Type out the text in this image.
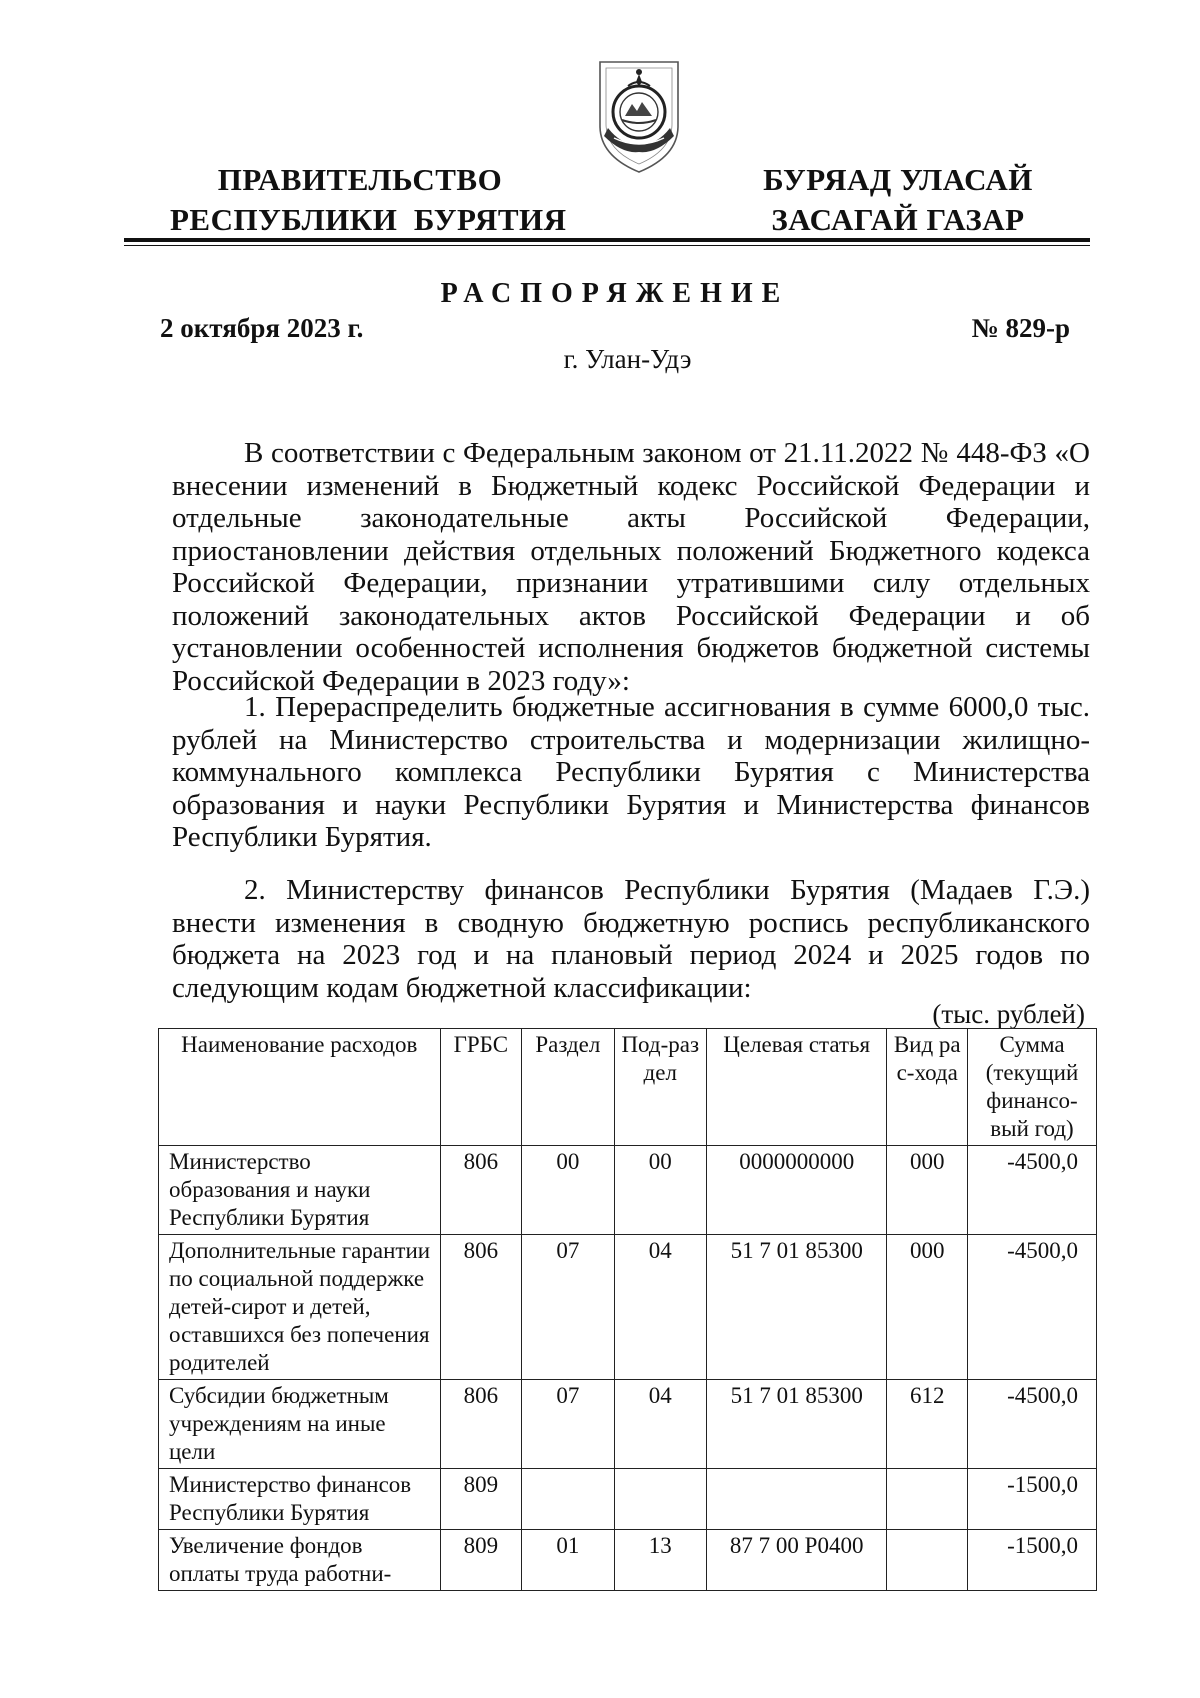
ПРАВИТЕЛЬСТВО
РЕСПУБЛИКИ  БУРЯТИЯ
БУРЯАД УЛАСАЙ
ЗАСАГАЙ ГАЗАР
РАСПОРЯЖЕНИЕ
2 октября 2023 г.	№ 829-р
г. Улан-Удэ

В соответствии с Федеральным законом от 21.11.2022 № 448-ФЗ «О внесении изменений в Бюджетный кодекс Российской Федерации и отдельные законодательные акты Российской Федерации, приостановлении действия отдельных положений Бюджетного кодекса Российской Федерации, признании утратившими силу отдельных положений законодательных актов Российской Федерации и об установлении особенностей исполнения бюджетов бюджетной системы Российской Федерации в 2023 году»:

1. Перераспределить бюджетные ассигнования в сумме 6000,0 тыс. рублей на Министерство строительства и модернизации жилищно-коммунального комплекса Республики Бурятия с Министерства образования и науки Республики Бурятия и Министерства финансов Республики Бурятия.

2. Министерству финансов Республики Бурятия (Мадаев Г.Э.) внести изменения в сводную бюджетную роспись республиканского бюджета на 2023 год и на плановый период 2024 и 2025 годов по следующим кодам бюджетной классификации:

(тыс. рублей)
Наименование расходов	ГРБС	Раздел	Под-раздел	Целевая статья	Вид рас-хода	Сумма (текущий финансо-вый год)
Министерство образования и науки Республики Бурятия	806	00	00	0000000000	000	-4500,0
Дополнительные гарантии по социальной поддержке детей-сирот и детей, оставшихся без попечения родителей	806	07	04	51 7 01 85300	000	-4500,0
Субсидии бюджетным учреждениям на иные цели	806	07	04	51 7 01 85300	612	-4500,0
Министерство финансов Республики Бурятия	809					-1500,0
Увеличение фондов оплаты труда работни-	809	01	13	87 7 00 P0400		-1500,0
